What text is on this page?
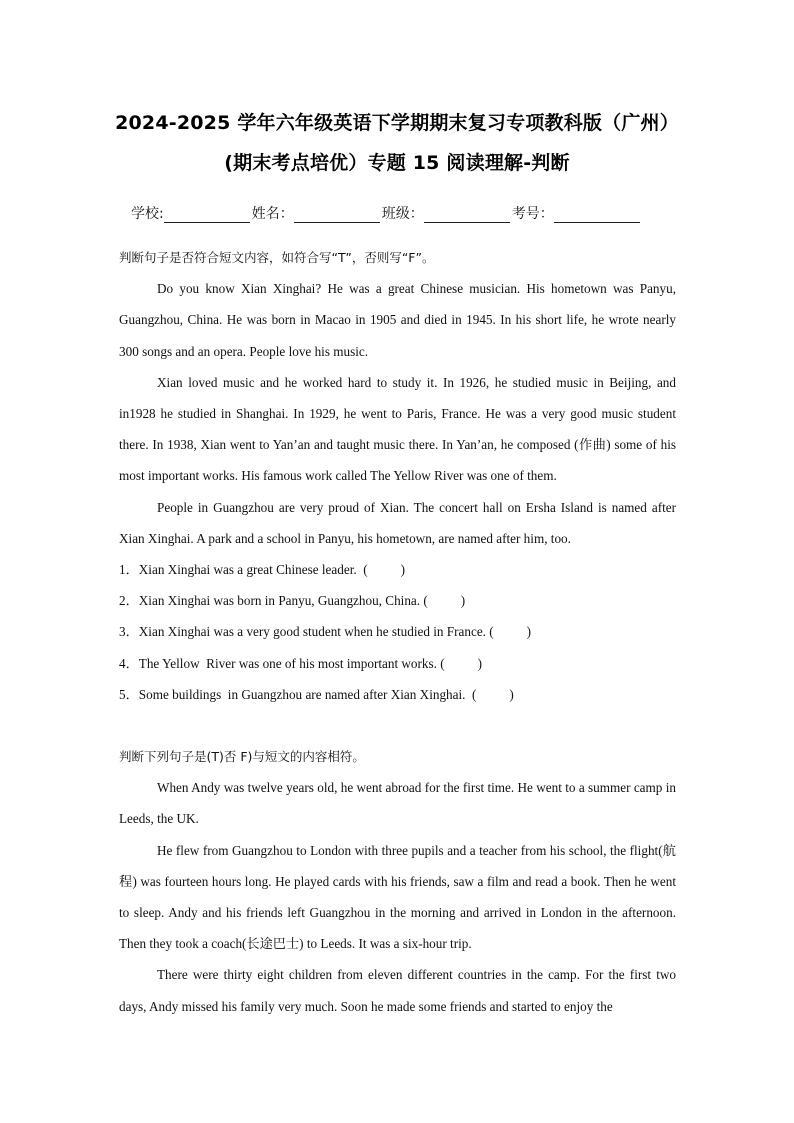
2024-2025 学年六年级英语下学期期末复习专项教科版（广州）
(期末考点培优）专题 15 阅读理解-判断
学校:	姓名：	班级：	考号：

判断句子是否符合短文内容，如符合写“T”，否则写“F”。

Do you know Xian Xinghai? He was a great Chinese musician. His hometown was Panyu, Guangzhou, China. He was born in Macao in 1905 and died in 1945. In his short life, he wrote nearly 300 songs and an opera. People love his music.

Xian loved music and he worked hard to study it. In 1926, he studied music in Beijing, and in1928 he studied in Shanghai. In 1929, he went to Paris, France. He was a very good music student there. In 1938, Xian went to Yan’an and taught music there. In Yan’an, he composed (作曲) some of his most important works. His famous work called The Yellow River was one of them.

People in Guangzhou are very proud of Xian. The concert hall on Ersha Island is named after Xian Xinghai. A park and a school in Panyu, his hometown, are named after him, too.

1．Xian Xinghai was a great Chinese leader.  (          )

2．Xian Xinghai was born in Panyu, Guangzhou, China. (          )

3．Xian Xinghai was a very good student when he studied in France. (          )

4．The Yellow  River was one of his most important works. (          )

5．Some buildings  in Guangzhou are named after Xian Xinghai.  (          )

判断下列句子是(T)否 F)与短文的内容相符。

When Andy was twelve years old, he went abroad for the first time. He went to a summer camp in Leeds, the UK.

He flew from Guangzhou to London with three pupils and a teacher from his school, the flight(航程) was fourteen hours long. He played cards with his friends, saw a film and read a book. Then he went to sleep. Andy and his friends left Guangzhou in the morning and arrived in London in the afternoon. Then they took a coach(长途巴士) to Leeds. It was a six-hour trip.

There were thirty eight children from eleven different countries in the camp. For the first two days, Andy missed his family very much. Soon he made some friends and started to enjoy the
